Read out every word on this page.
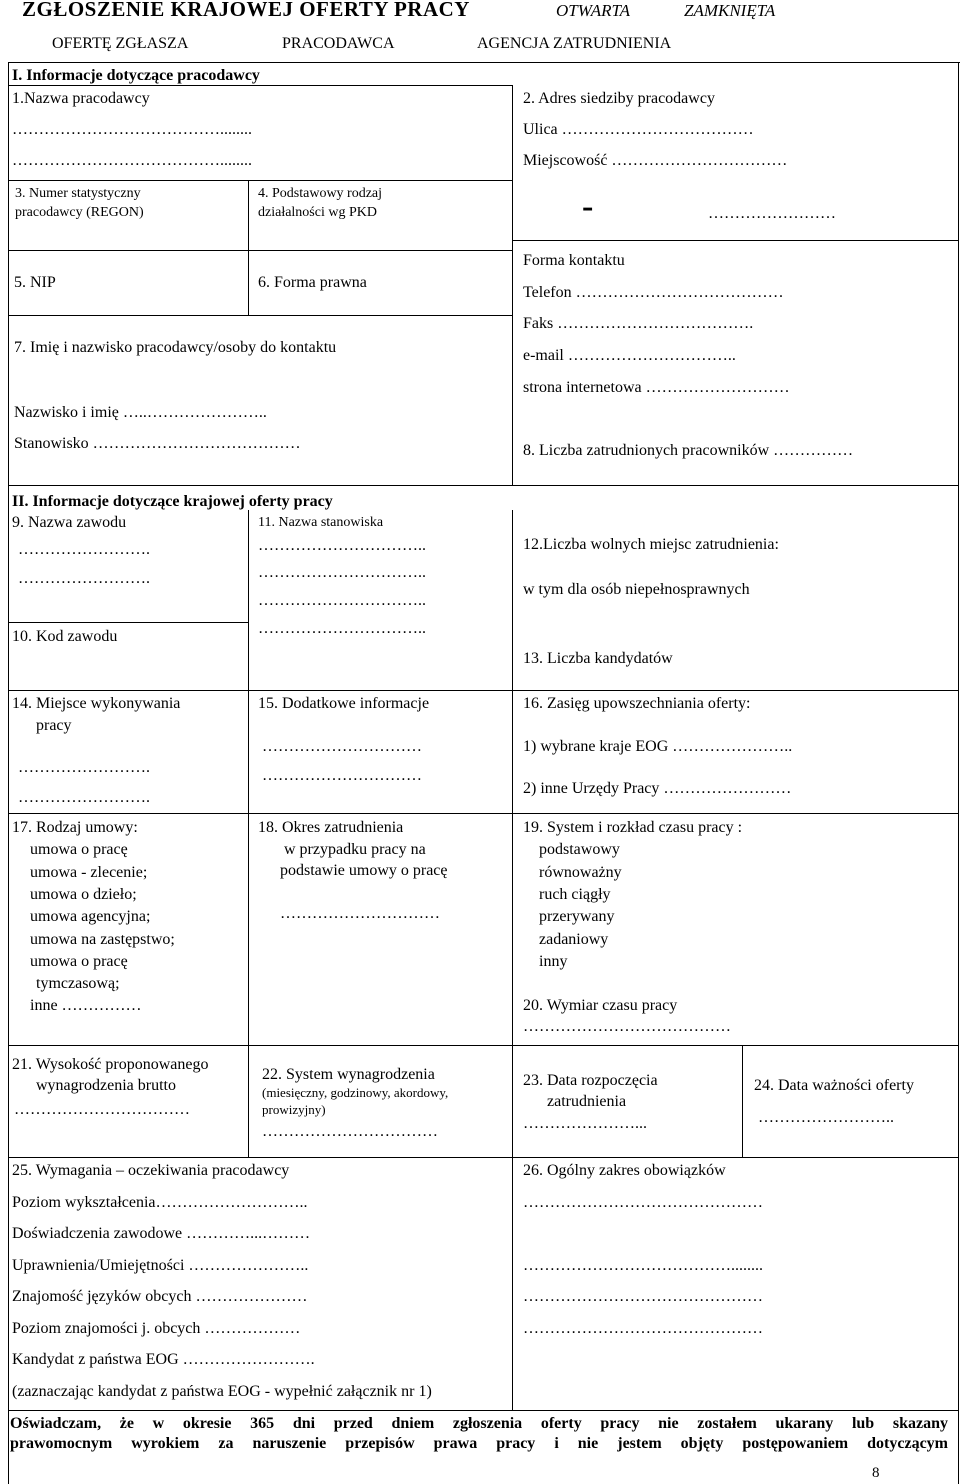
ZGŁOSZENIE KRAJOWEJ OFERTY PRACY	OTWARTA	ZAMKNIĘTA
OFERTĘ ZGŁASZA	PRACODAWCA	AGENCJA ZATRUDNIENIA
I. Informacje dotyczące pracodawcy
1.Nazwa pracodawcy
…………………………………........
…………………………………........
2. Adres siedziby pracodawcy
Ulica ………………………………
Miejscowość ……………………………
-	……………………
3. Numer statystyczny
pracodawcy (REGON)
4. Podstawowy rodzaj
działalności wg PKD
Forma kontaktu
Telefon …………………………………
Faks ……………………………….
e-mail …………………………..
strona internetowa ………………………
5. NIP	6. Forma prawna
7. Imię i nazwisko pracodawcy/osoby do kontaktu
Nazwisko i imię …..…………………..
Stanowisko …………………………………	8. Liczba zatrudnionych pracowników ……………
II. Informacje dotyczące krajowej oferty pracy
9. Nazwa zawodu
…………………….
…………………….
10. Kod zawodu
11. Nazwa stanowiska
…………………………..
…………………………..
…………………………..
…………………………..
12.Liczba wolnych miejsc zatrudnienia:
w tym dla osób niepełnosprawnych
13. Liczba kandydatów
14. Miejsce wykonywania
pracy
…………………….
…………………….
15. Dodatkowe informacje
…………………………
…………………………
16. Zasięg upowszechniania oferty:
1) wybrane kraje EOG …………………..
2) inne Urzędy Pracy ……………………
17. Rodzaj umowy:
umowa o pracę
umowa - zlecenie;
umowa o dzieło;
umowa agencyjna;
umowa na zastępstwo;
umowa o pracę
tymczasową;
inne ……………
18. Okres zatrudnienia
w przypadku pracy na
podstawie umowy o pracę
…………………………
19. System i rozkład czasu pracy :
podstawowy
równoważny
ruch ciągły
przerywany
zadaniowy
inny
20. Wymiar czasu pracy
…………………………………
21. Wysokość proponowanego
wynagrodzenia brutto
……………………………
22. System wynagrodzenia
(miesięczny, godzinowy, akordowy,
prowizyjny)
……………………………
23. Data rozpoczęcia
zatrudnienia
…………………...
24. Data ważności oferty
……………………..
25. Wymagania – oczekiwania pracodawcy
Poziom wykształcenia………………………..
Doświadczenia zawodowe …………...………
Uprawnienia/Umiejętności …………………..
Znajomość języków obcych …………………
Poziom znajomości j. obcych ………………
Kandydat z państwa EOG …………………….
(zaznaczając kandydat z państwa EOG - wypełnić załącznik nr 1)
26. Ogólny zakres obowiązków
………………………………………
…………………………………........
………………………………………
………………………………………
Oświadczam, że w okresie 365 dni przed dniem zgłoszenia oferty pracy nie zostałem ukarany lub skazany
prawomocnym wyrokiem za naruszenie przepisów prawa pracy i nie jestem objęty postępowaniem dotyczącym
8
